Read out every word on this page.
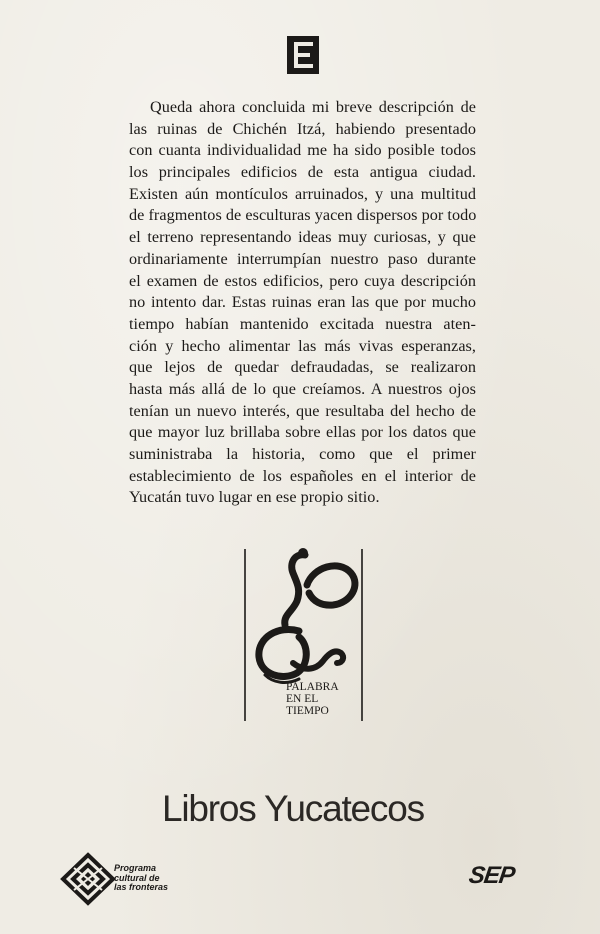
Queda ahora concluida mi breve descripción de
las ruinas de Chichén Itzá, habiendo presentado
con cuanta individualidad me ha sido posible todos
los principales edificios de esta antigua ciudad.
Existen aún montículos arruinados, y una multitud
de fragmentos de esculturas yacen dispersos por todo
el terreno representando ideas muy curiosas, y que
ordinariamente interrumpían nuestro paso durante
el examen de estos edificios, pero cuya descripción
no intento dar. Estas ruinas eran las que por mucho
tiempo habían mantenido excitada nuestra aten-
ción y hecho alimentar las más vivas esperanzas,
que lejos de quedar defraudadas, se realizaron
hasta más allá de lo que creíamos. A nuestros ojos
tenían un nuevo interés, que resultaba del hecho de
que mayor luz brillaba sobre ellas por los datos que
suministraba la historia, como que el primer
establecimiento de los españoles en el interior de
Yucatán tuvo lugar en ese propio sitio.
PALABRA
EN EL
TIEMPO
Libros Yucatecos
Programa
cultural de
las fronteras	SEP
